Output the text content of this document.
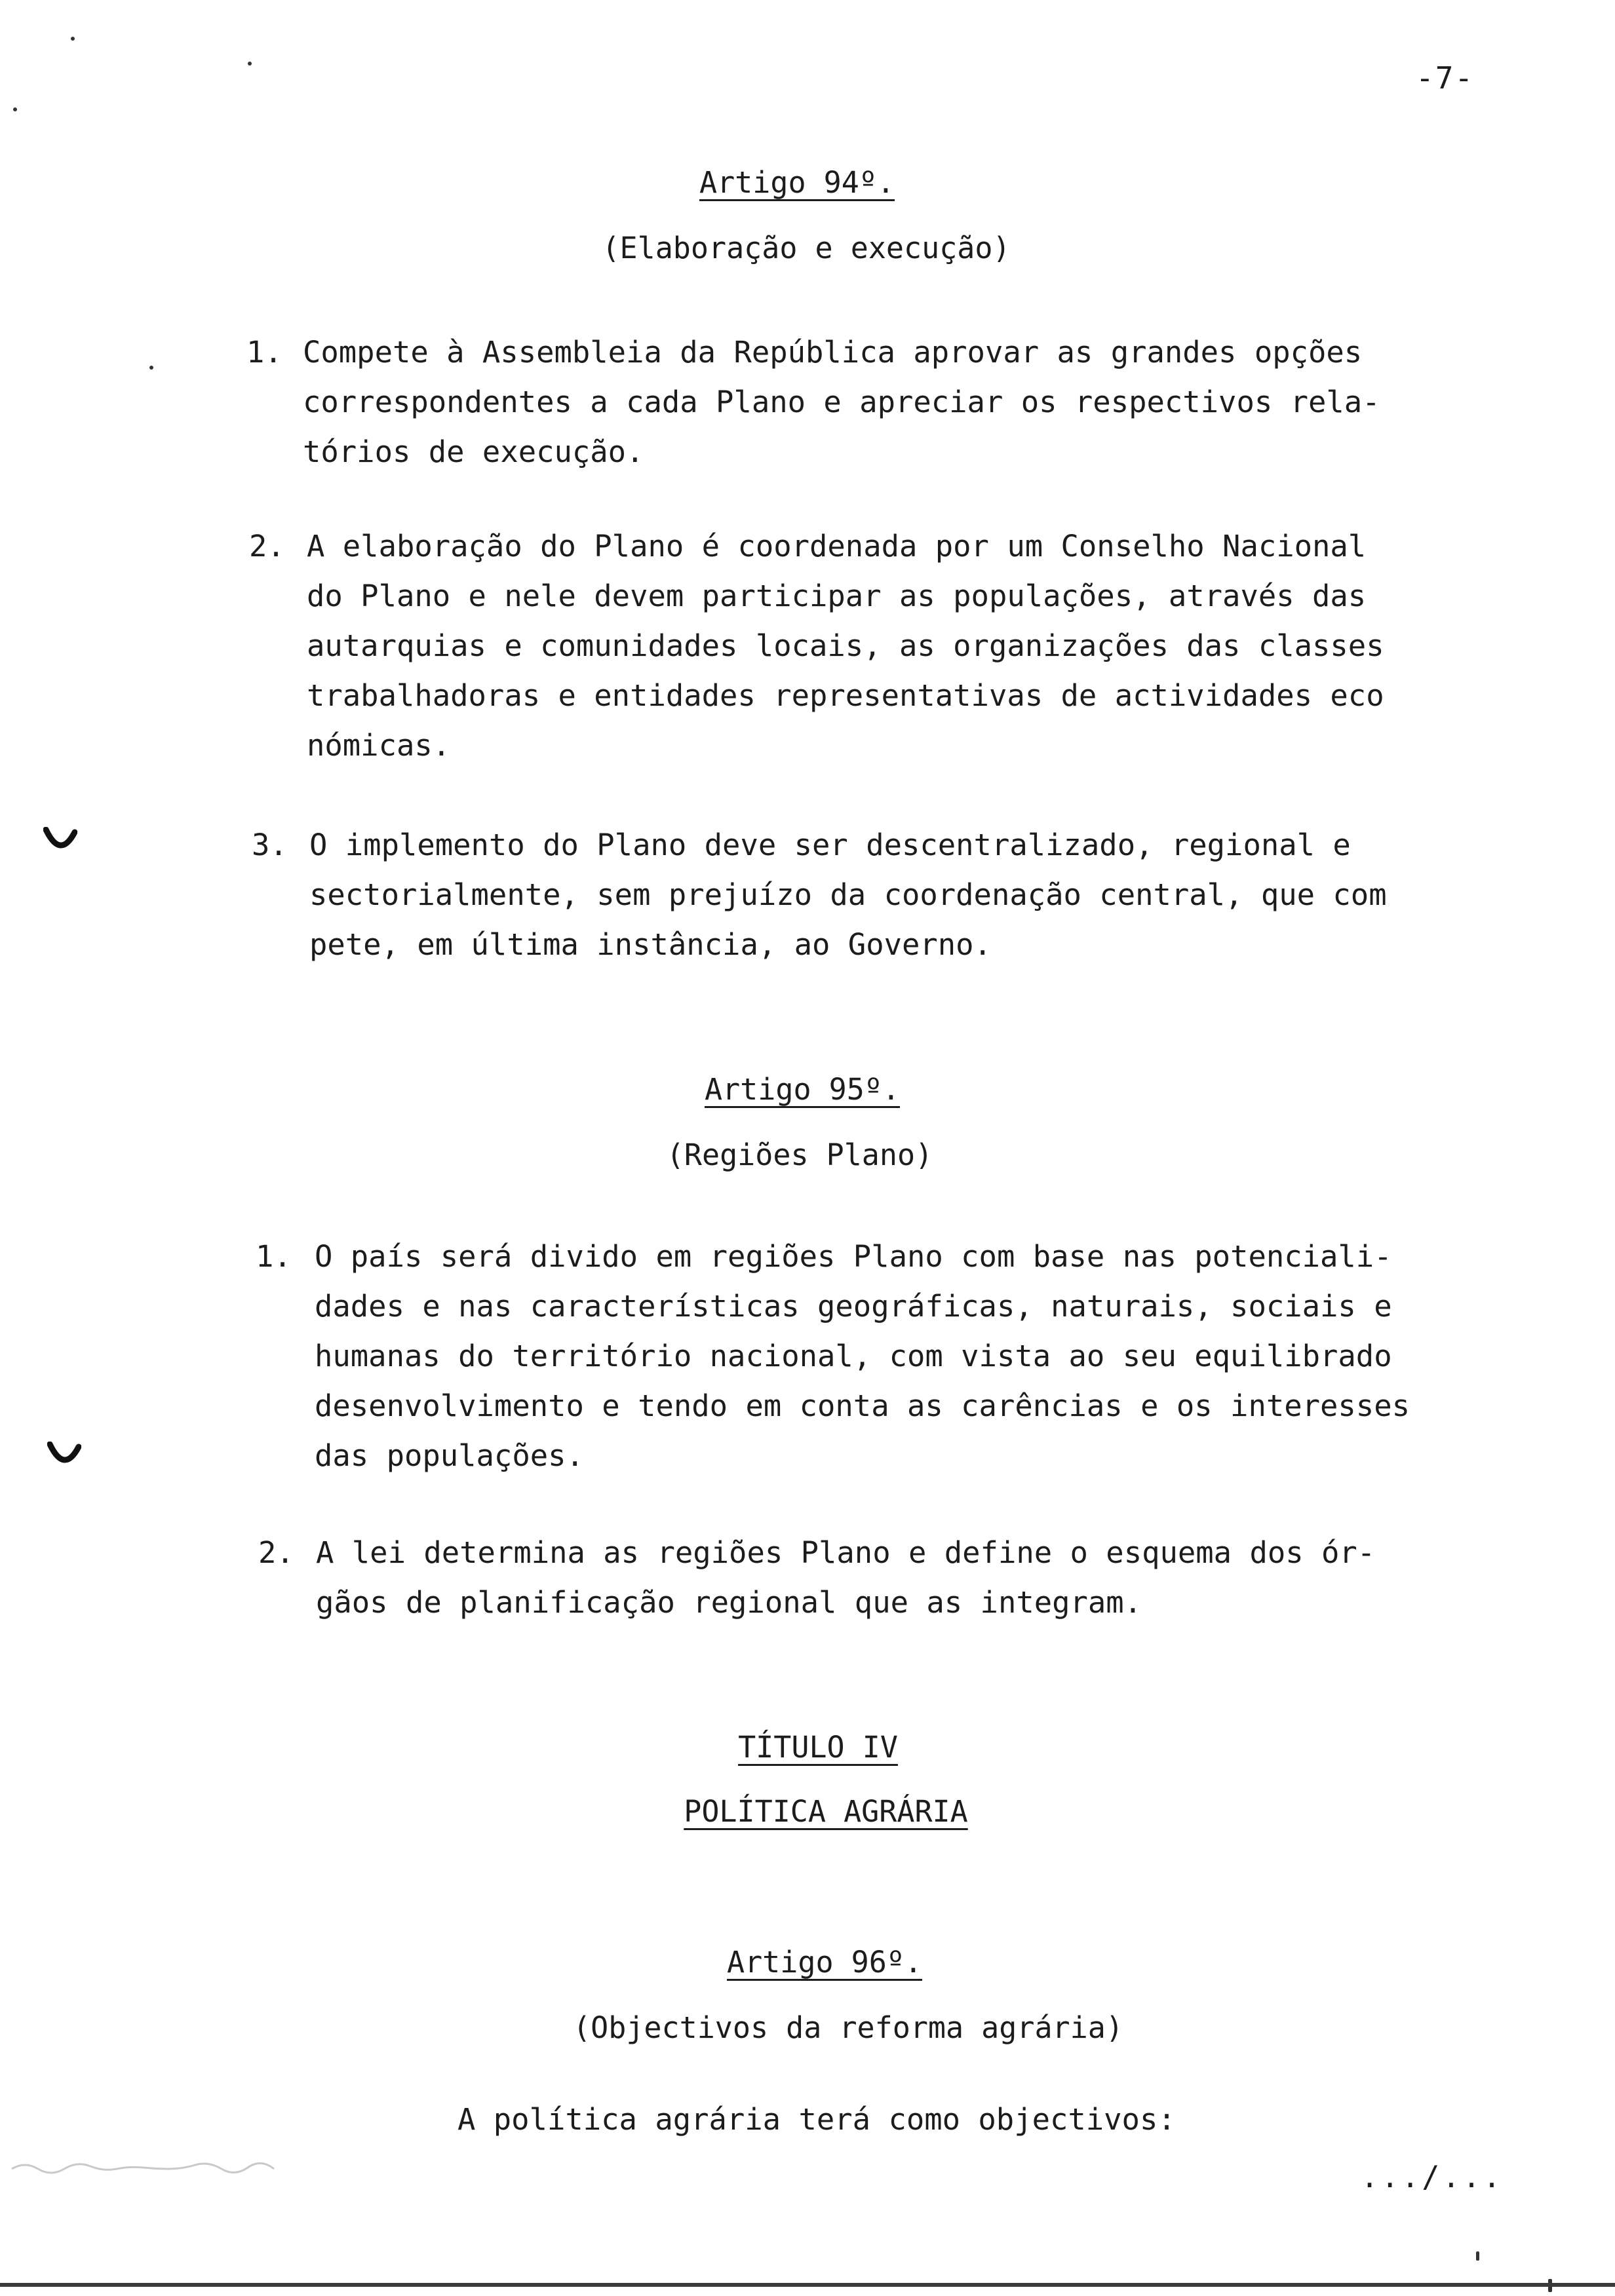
-7-
Artigo 94º.
(Elaboração e execução)
1. Compete à Assembleia da República aprovar as grandes opções
correspondentes a cada Plano e apreciar os respectivos rela-
tórios de execução.
2. A elaboração do Plano é coordenada por um Conselho Nacional
do Plano e nele devem participar as populações, através das
autarquias e comunidades locais, as organizações das classes
trabalhadoras e entidades representativas de actividades eco
nómicas.
3. O implemento do Plano deve ser descentralizado, regional e
sectorialmente, sem prejuízo da coordenação central, que com
pete, em última instância, ao Governo.
Artigo 95º.
(Regiões Plano)
1. O país será divido em regiões Plano com base nas potenciali-
dades e nas características geográficas, naturais, sociais e
humanas do território nacional, com vista ao seu equilibrado
desenvolvimento e tendo em conta as carências e os interesses
das populações.
2. A lei determina as regiões Plano e define o esquema dos ór-
gãos de planificação regional que as integram.
TÍTULO IV
POLÍTICA AGRÁRIA
Artigo 96º.
(Objectivos da reforma agrária)
A política agrária terá como objectivos:
.../...
